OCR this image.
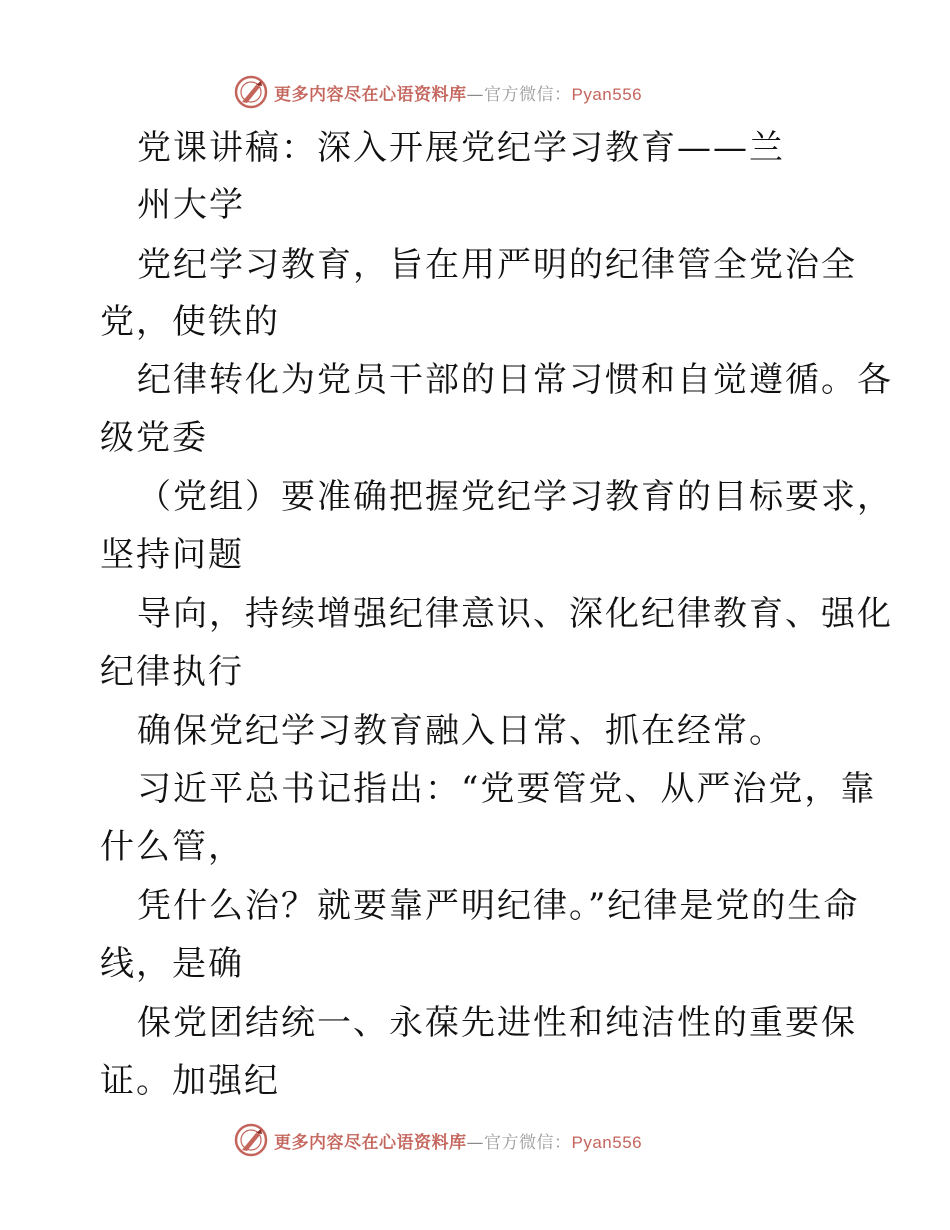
更多内容尽在心语资料库—官方微信：Pyan556

党课讲稿：深入开展党纪学习教育——兰

州大学

党纪学习教育，旨在用严明的纪律管全党治全

党，使铁的

纪律转化为党员干部的日常习惯和自觉遵循。各

级党委

（党组）要准确把握党纪学习教育的目标要求，

坚持问题

导向，持续增强纪律意识、深化纪律教育、强化

纪律执行

确保党纪学习教育融入日常、抓在经常。

习近平总书记指出：“党要管党、从严治党，靠

什么管，

凭什么治？就要靠严明纪律。”纪律是党的生命

线，是确

保党团结统一、永葆先进性和纯洁性的重要保

证。加强纪

更多内容尽在心语资料库—官方微信：Pyan556
